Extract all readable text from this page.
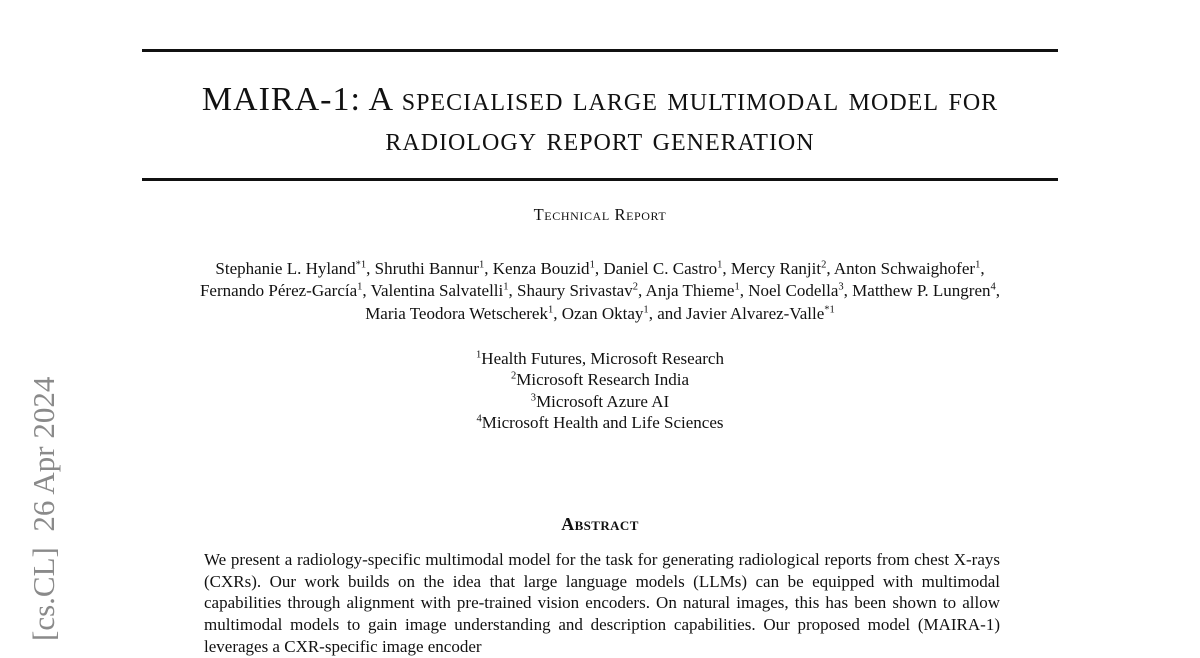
[cs.CL]  26 Apr 2024
MAIRA-1: A specialised large multimodal model for
radiology report generation
Technical Report
Stephanie L. Hyland$^{*1}$, Shruthi Bannur$^1$, Kenza Bouzid$^1$, Daniel C. Castro$^1$, Mercy Ranjit$^2$, Anton Schwaighofer$^1$,
Fernando Pérez-García$^1$, Valentina Salvatelli$^1$, Shaury Srivastav$^2$, Anja Thieme$^1$, Noel Codella$^3$, Matthew P. Lungren$^4$,
Maria Teodora Wetscherek$^1$, Ozan Oktay$^1$, and Javier Alvarez-Valle$^{*1}$
$^1$Health Futures, Microsoft Research
$^2$Microsoft Research India
$^3$Microsoft Azure AI
$^4$Microsoft Health and Life Sciences
Abstract
We present a radiology-specific multimodal model for the task for generating radiological reports from chest X-rays (CXRs). Our work builds on the idea that large language models (LLMs) can be equipped with multimodal capabilities through alignment with pre-trained vision encoders. On natural images, this has been shown to allow multimodal models to gain image understanding and description capabilities. Our proposed model (MAIRA-1) leverages a CXR-specific image encoder
